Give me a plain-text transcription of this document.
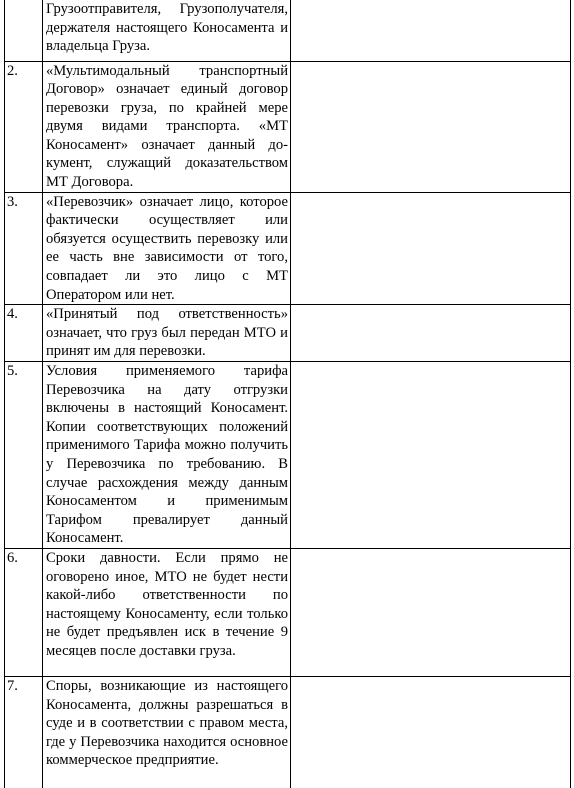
	Грузоотправителя, Грузополучателя, держателя настоящего Коносамента и владельца Груза.	

2.	«Мультимодальный транспортный Договор» означает единый договор перевозки груза, по крайней мере двумя видами транспорта. «МТ Коносамент» означает данный документ, служащий доказательством МТ Договора.	

3.	«Перевозчик» означает лицо, которое фактически осуществляет или обязуется осуществить перевозку или ее часть вне зависимости от того, совпадает ли это лицо с МТ Оператором или нет.	

4.	«Принятый под ответственность» означает, что груз был передан МТО и принят им для перевозки.	

5.	Условия применяемого тарифа Перевозчика на дату отгрузки включены в настоящий Коносамент. Копии соответствующих положений применимого Тарифа можно получить у Перевозчика по требованию. В случае расхождения между данным Коносаментом и применимым Тарифом превалирует данный Коносамент.	

6.	Сроки давности. Если прямо не оговорено иное, МТО не будет нести какой-либо ответственности по настоящему Коносаменту, если только не будет предъявлен иск в течение 9 месяцев после доставки груза.	

7.	Споры, возникающие из настоящего Коносамента, должны разрешаться в суде и в соответствии с правом места, где у Перевозчика находится основное коммерческое предприятие.	
